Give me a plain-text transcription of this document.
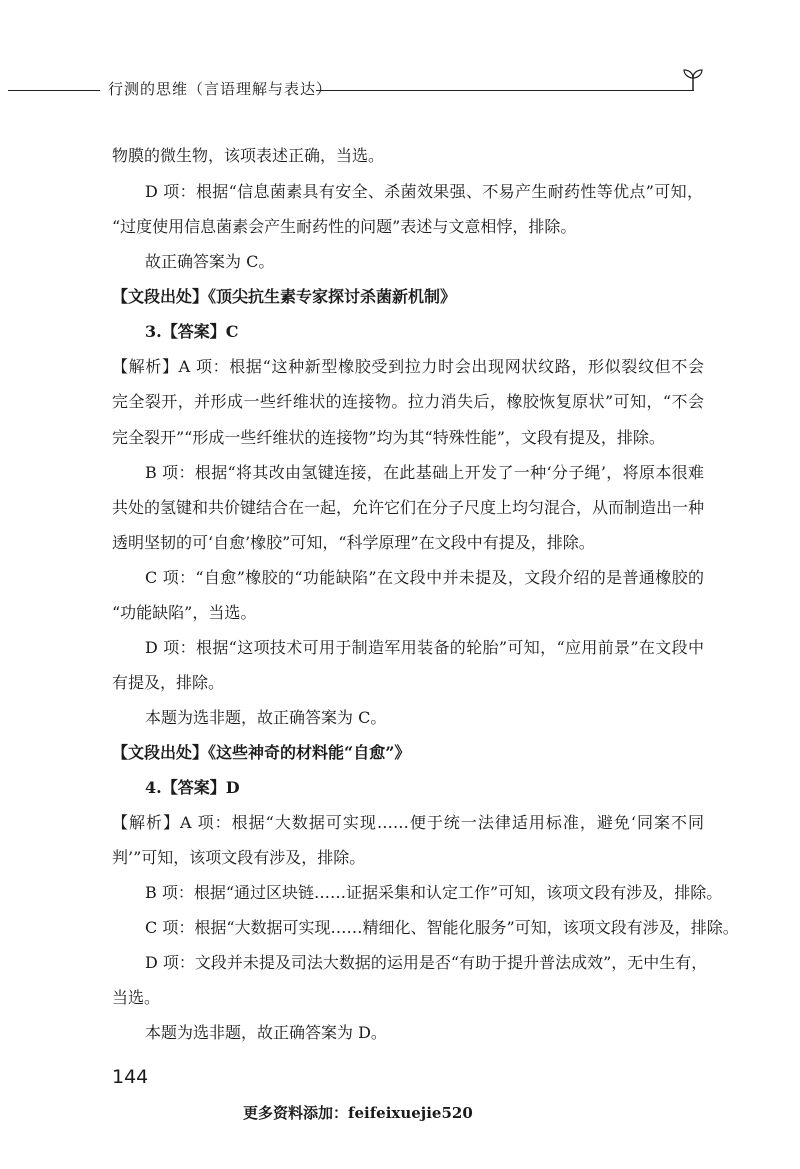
行测的思维（言语理解与表达）
物膜的微生物，该项表述正确，当选。
D 项：根据“信息菌素具有安全、杀菌效果强、不易产生耐药性等优点”可知，
“过度使用信息菌素会产生耐药性的问题”表述与文意相悖，排除。
故正确答案为 C。
【文段出处】《顶尖抗生素专家探讨杀菌新机制》
3.【答案】C
【解析】A 项：根据“这种新型橡胶受到拉力时会出现网状纹路，形似裂纹但不会
完全裂开，并形成一些纤维状的连接物。拉力消失后，橡胶恢复原状”可知，“不会
完全裂开”“形成一些纤维状的连接物”均为其“特殊性能”，文段有提及，排除。
B 项：根据“将其改由氢键连接，在此基础上开发了一种‘分子绳’，将原本很难
共处的氢键和共价键结合在一起，允许它们在分子尺度上均匀混合，从而制造出一种
透明坚韧的可‘自愈’橡胶”可知，“科学原理”在文段中有提及，排除。
C 项：“自愈”橡胶的“功能缺陷”在文段中并未提及，文段介绍的是普通橡胶的
“功能缺陷”，当选。
D 项：根据“这项技术可用于制造军用装备的轮胎”可知，“应用前景”在文段中
有提及，排除。
本题为选非题，故正确答案为 C。
【文段出处】《这些神奇的材料能“自愈”》
4.【答案】D
【解析】A 项：根据“大数据可实现……便于统一法律适用标准，避免‘同案不同
判’”可知，该项文段有涉及，排除。
B 项：根据“通过区块链……证据采集和认定工作”可知，该项文段有涉及，排除。
C 项：根据“大数据可实现……精细化、智能化服务”可知，该项文段有涉及，排除。
D 项：文段并未提及司法大数据的运用是否“有助于提升普法成效”，无中生有，
当选。
本题为选非题，故正确答案为 D。
144
更多资料添加：feifeixuejie520
